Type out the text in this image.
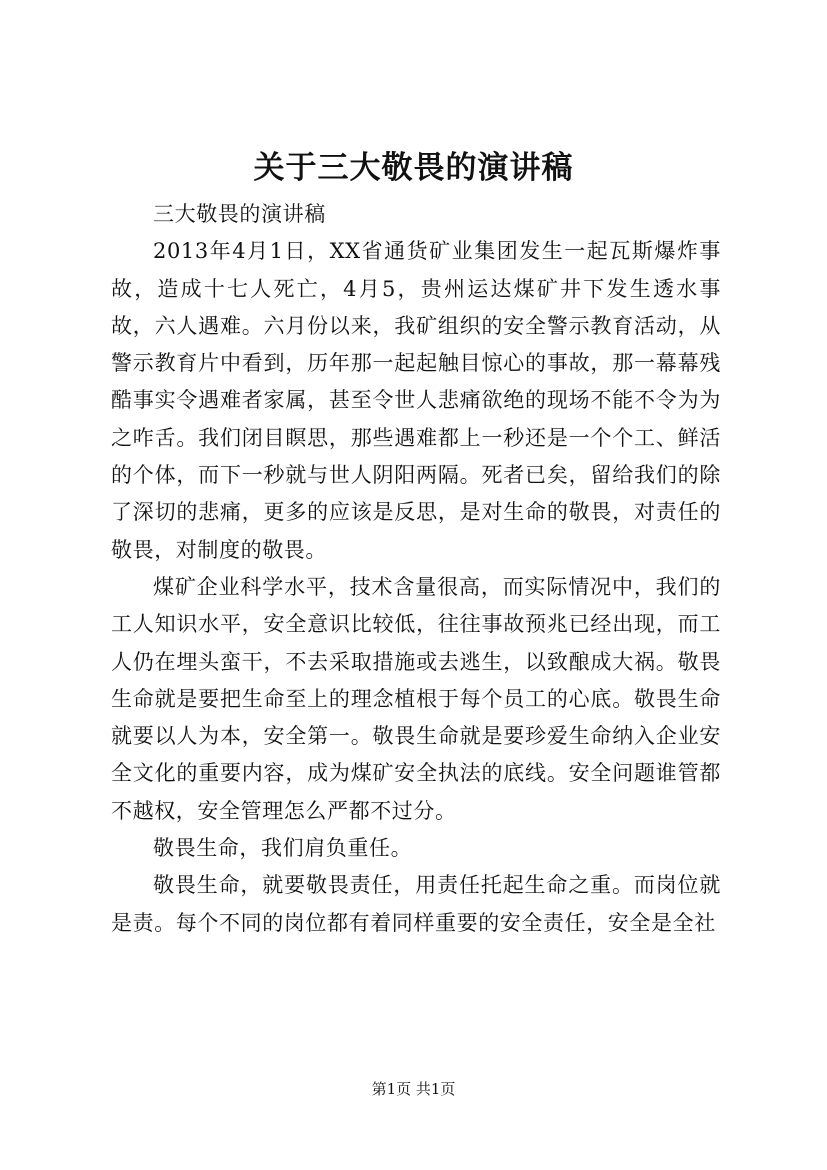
关于三大敬畏的演讲稿

三大敬畏的演讲稿

2013年4月1日，XX省通货矿业集团发生一起瓦斯爆炸事故，造成十七人死亡，4月5，贵州运达煤矿井下发生透水事故，六人遇难。六月份以来，我矿组织的安全警示教育活动，从警示教育片中看到，历年那一起起触目惊心的事故，那一幕幕残酷事实令遇难者家属，甚至令世人悲痛欲绝的现场不能不令为为之咋舌。我们闭目瞑思，那些遇难都上一秒还是一个个工、鲜活的个体，而下一秒就与世人阴阳两隔。死者已矣，留给我们的除了深切的悲痛，更多的应该是反思，是对生命的敬畏，对责任的敬畏，对制度的敬畏。

煤矿企业科学水平，技术含量很高，而实际情况中，我们的工人知识水平，安全意识比较低，往往事故预兆已经出现，而工人仍在埋头蛮干，不去采取措施或去逃生，以致酿成大祸。敬畏生命就是要把生命至上的理念植根于每个员工的心底。敬畏生命就要以人为本，安全第一。敬畏生命就是要珍爱生命纳入企业安全文化的重要内容，成为煤矿安全执法的底线。安全问题谁管都不越权，安全管理怎么严都不过分。

敬畏生命，我们肩负重任。

敬畏生命，就要敬畏责任，用责任托起生命之重。而岗位就是责。每个不同的岗位都有着同样重要的安全责任，安全是全社

第1页 共1页
